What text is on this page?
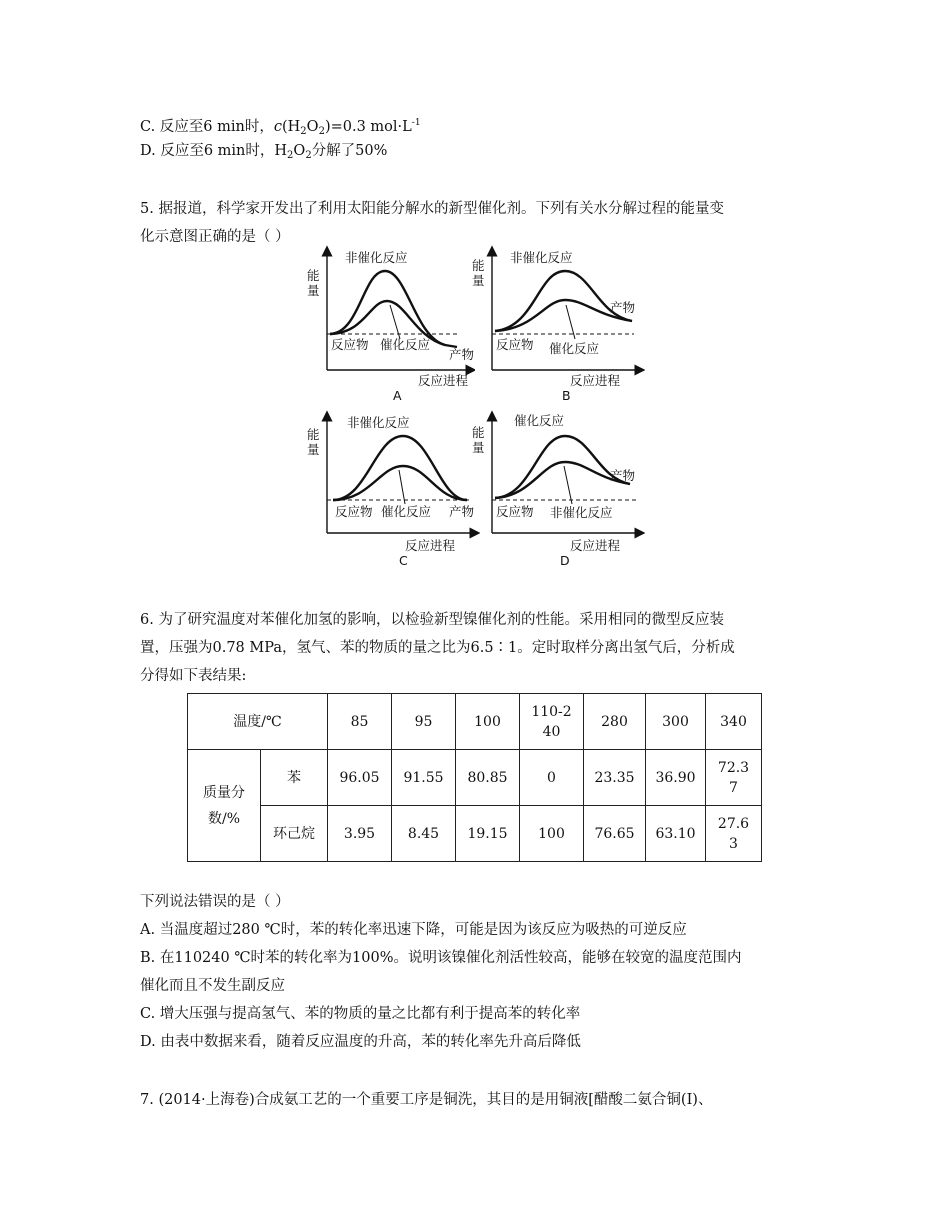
C. 反应至6 min时，$c(H_2O_2)=0.3$ $mol\cdot L^{-1}$
D. 反应至6 min时，$H_2O_2$分解了50%
5. 据报道，科学家开发出了利用太阳能分解水的新型催化剂。下列有关水分解过程的能量变
化示意图正确的是（ ）
非催化反应
能
量
反应物 催化反应
产物
反应进程
A
非催化反应
能
量
产物
反应物 催化反应
反应进程
B
非催化反应
能
量
反应物 催化反应 产物
反应进程
C
催化反应
能
量
产物
反应物 非催化反应
反应进程
D
6. 为了研究温度对苯催化加氢的影响，以检验新型镍催化剂的性能。采用相同的微型反应装
置，压强为0.78 MPa，氢气、苯的物质的量之比为6.5∶1。定时取样分离出氢气后，分析成
分得如下表结果:
温度/℃		85	95	100	110-240	280	300	340

质量分数/%	苯	96.05	91.55	80.85	0	23.35	36.90	72.37

	环己烷	3.95	8.45	19.15	100	76.65	63.10	27.63
下列说法错误的是（ ）
A. 当温度超过280 ℃时，苯的转化率迅速下降，可能是因为该反应为吸热的可逆反应
B. 在110240 ℃时苯的转化率为100%。说明该镍催化剂活性较高，能够在较宽的温度范围内
催化而且不发生副反应
C. 增大压强与提高氢气、苯的物质的量之比都有利于提高苯的转化率
D. 由表中数据来看，随着反应温度的升高，苯的转化率先升高后降低
7. (2014·上海卷)合成氨工艺的一个重要工序是铜洗，其目的是用铜液[醋酸二氨合铜(Ⅰ)、
